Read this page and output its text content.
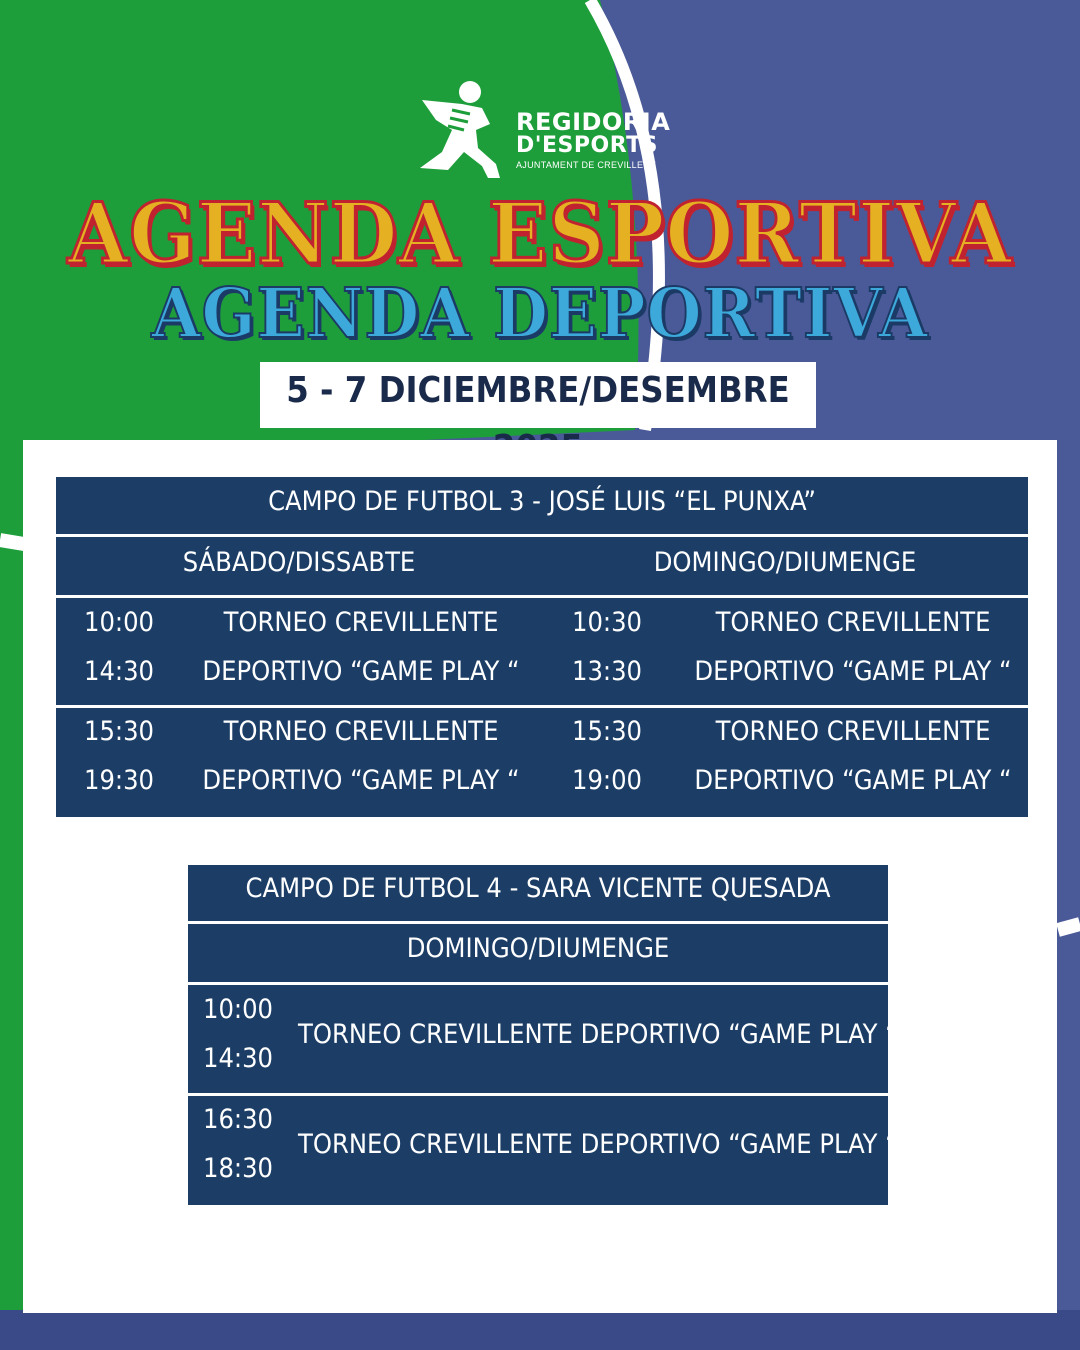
REGIDORIA
D'ESPORTS
AJUNTAMENT DE CREVILLENT
AGENDA ESPORTIVA
AGENDA DEPORTIVA
5 - 7 DICIEMBRE/DESEMBRE
CAMPO DE FUTBOL 3 - JOSÉ LUIS “EL PUNXA”
SÁBADO/DISSABTE	DOMINGO/DIUMENGE
10:00
14:30
TORNEO CREVILLENTE
DEPORTIVO “GAME PLAY “
10:30
13:30
TORNEO CREVILLENTE
DEPORTIVO “GAME PLAY “
15:30
19:30
TORNEO CREVILLENTE
DEPORTIVO “GAME PLAY “
15:30
19:00
TORNEO CREVILLENTE
DEPORTIVO “GAME PLAY “
CAMPO DE FUTBOL 4 - SARA VICENTE QUESADA
DOMINGO/DIUMENGE
10:00
14:30
TORNEO CREVILLENTE DEPORTIVO “GAME PLAY “
16:30
18:30
TORNEO CREVILLENTE DEPORTIVO “GAME PLAY “
